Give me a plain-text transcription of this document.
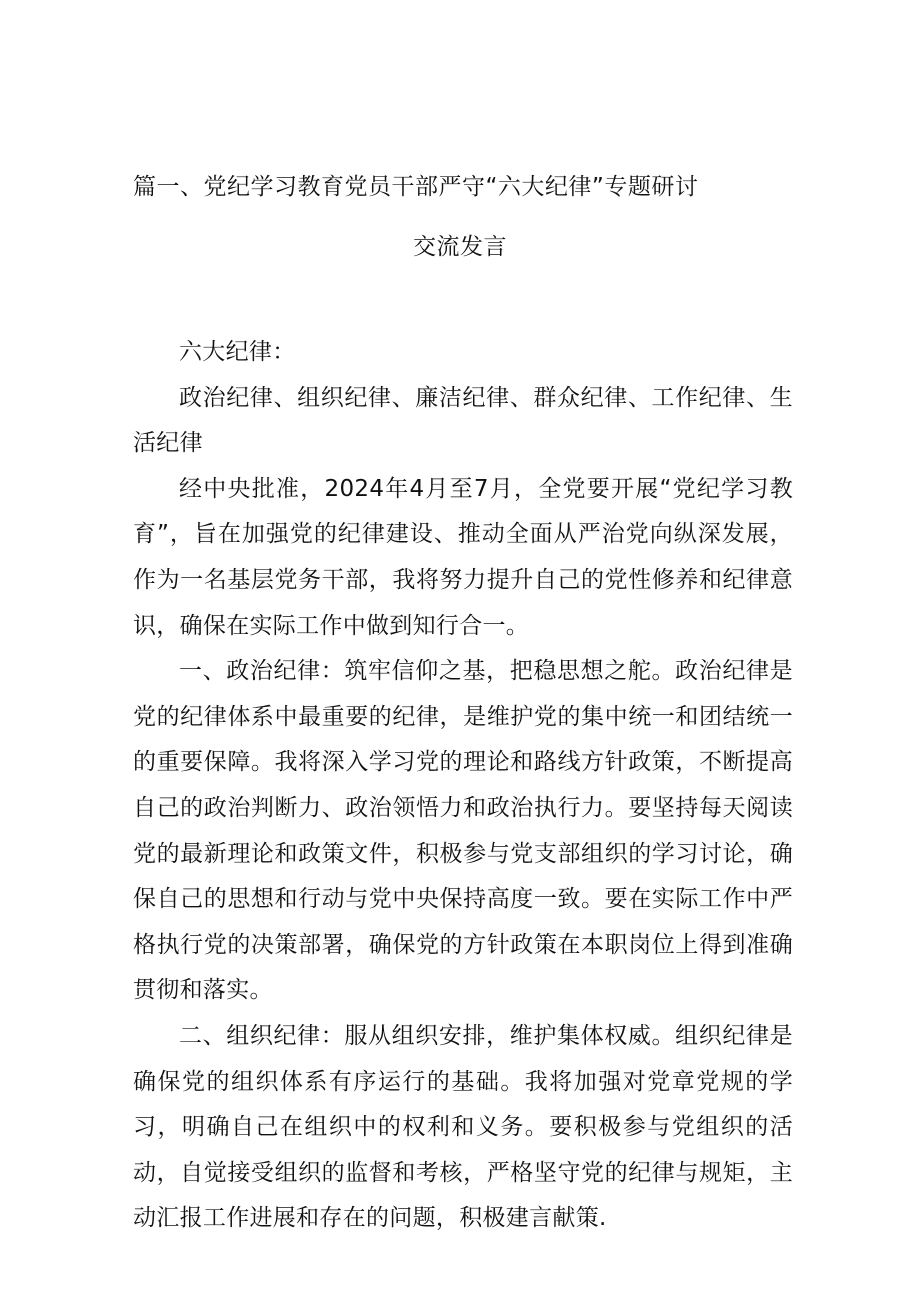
篇一、党纪学习教育党员干部严守“六大纪律”专题研讨
交流发言

六大纪律：

政治纪律、组织纪律、廉洁纪律、群众纪律、工作纪律、生活纪律

经中央批准，2024年4月至7月，全党要开展“党纪学习教育”，旨在加强党的纪律建设、推动全面从严治党向纵深发展，作为一名基层党务干部，我将努力提升自己的党性修养和纪律意识，确保在实际工作中做到知行合一。

一、政治纪律：筑牢信仰之基，把稳思想之舵。政治纪律是党的纪律体系中最重要的纪律，是维护党的集中统一和团结统一的重要保障。我将深入学习党的理论和路线方针政策，不断提高自己的政治判断力、政治领悟力和政治执行力。要坚持每天阅读党的最新理论和政策文件，积极参与党支部组织的学习讨论，确保自己的思想和行动与党中央保持高度一致。要在实际工作中严格执行党的决策部署，确保党的方针政策在本职岗位上得到准确贯彻和落实。

二、组织纪律：服从组织安排，维护集体权威。组织纪律是确保党的组织体系有序运行的基础。我将加强对党章党规的学习，明确自己在组织中的权利和义务。要积极参与党组织的活动，自觉接受组织的监督和考核，严格坚守党的纪律与规矩，主动汇报工作进展和存在的问题，积极建言献策.
